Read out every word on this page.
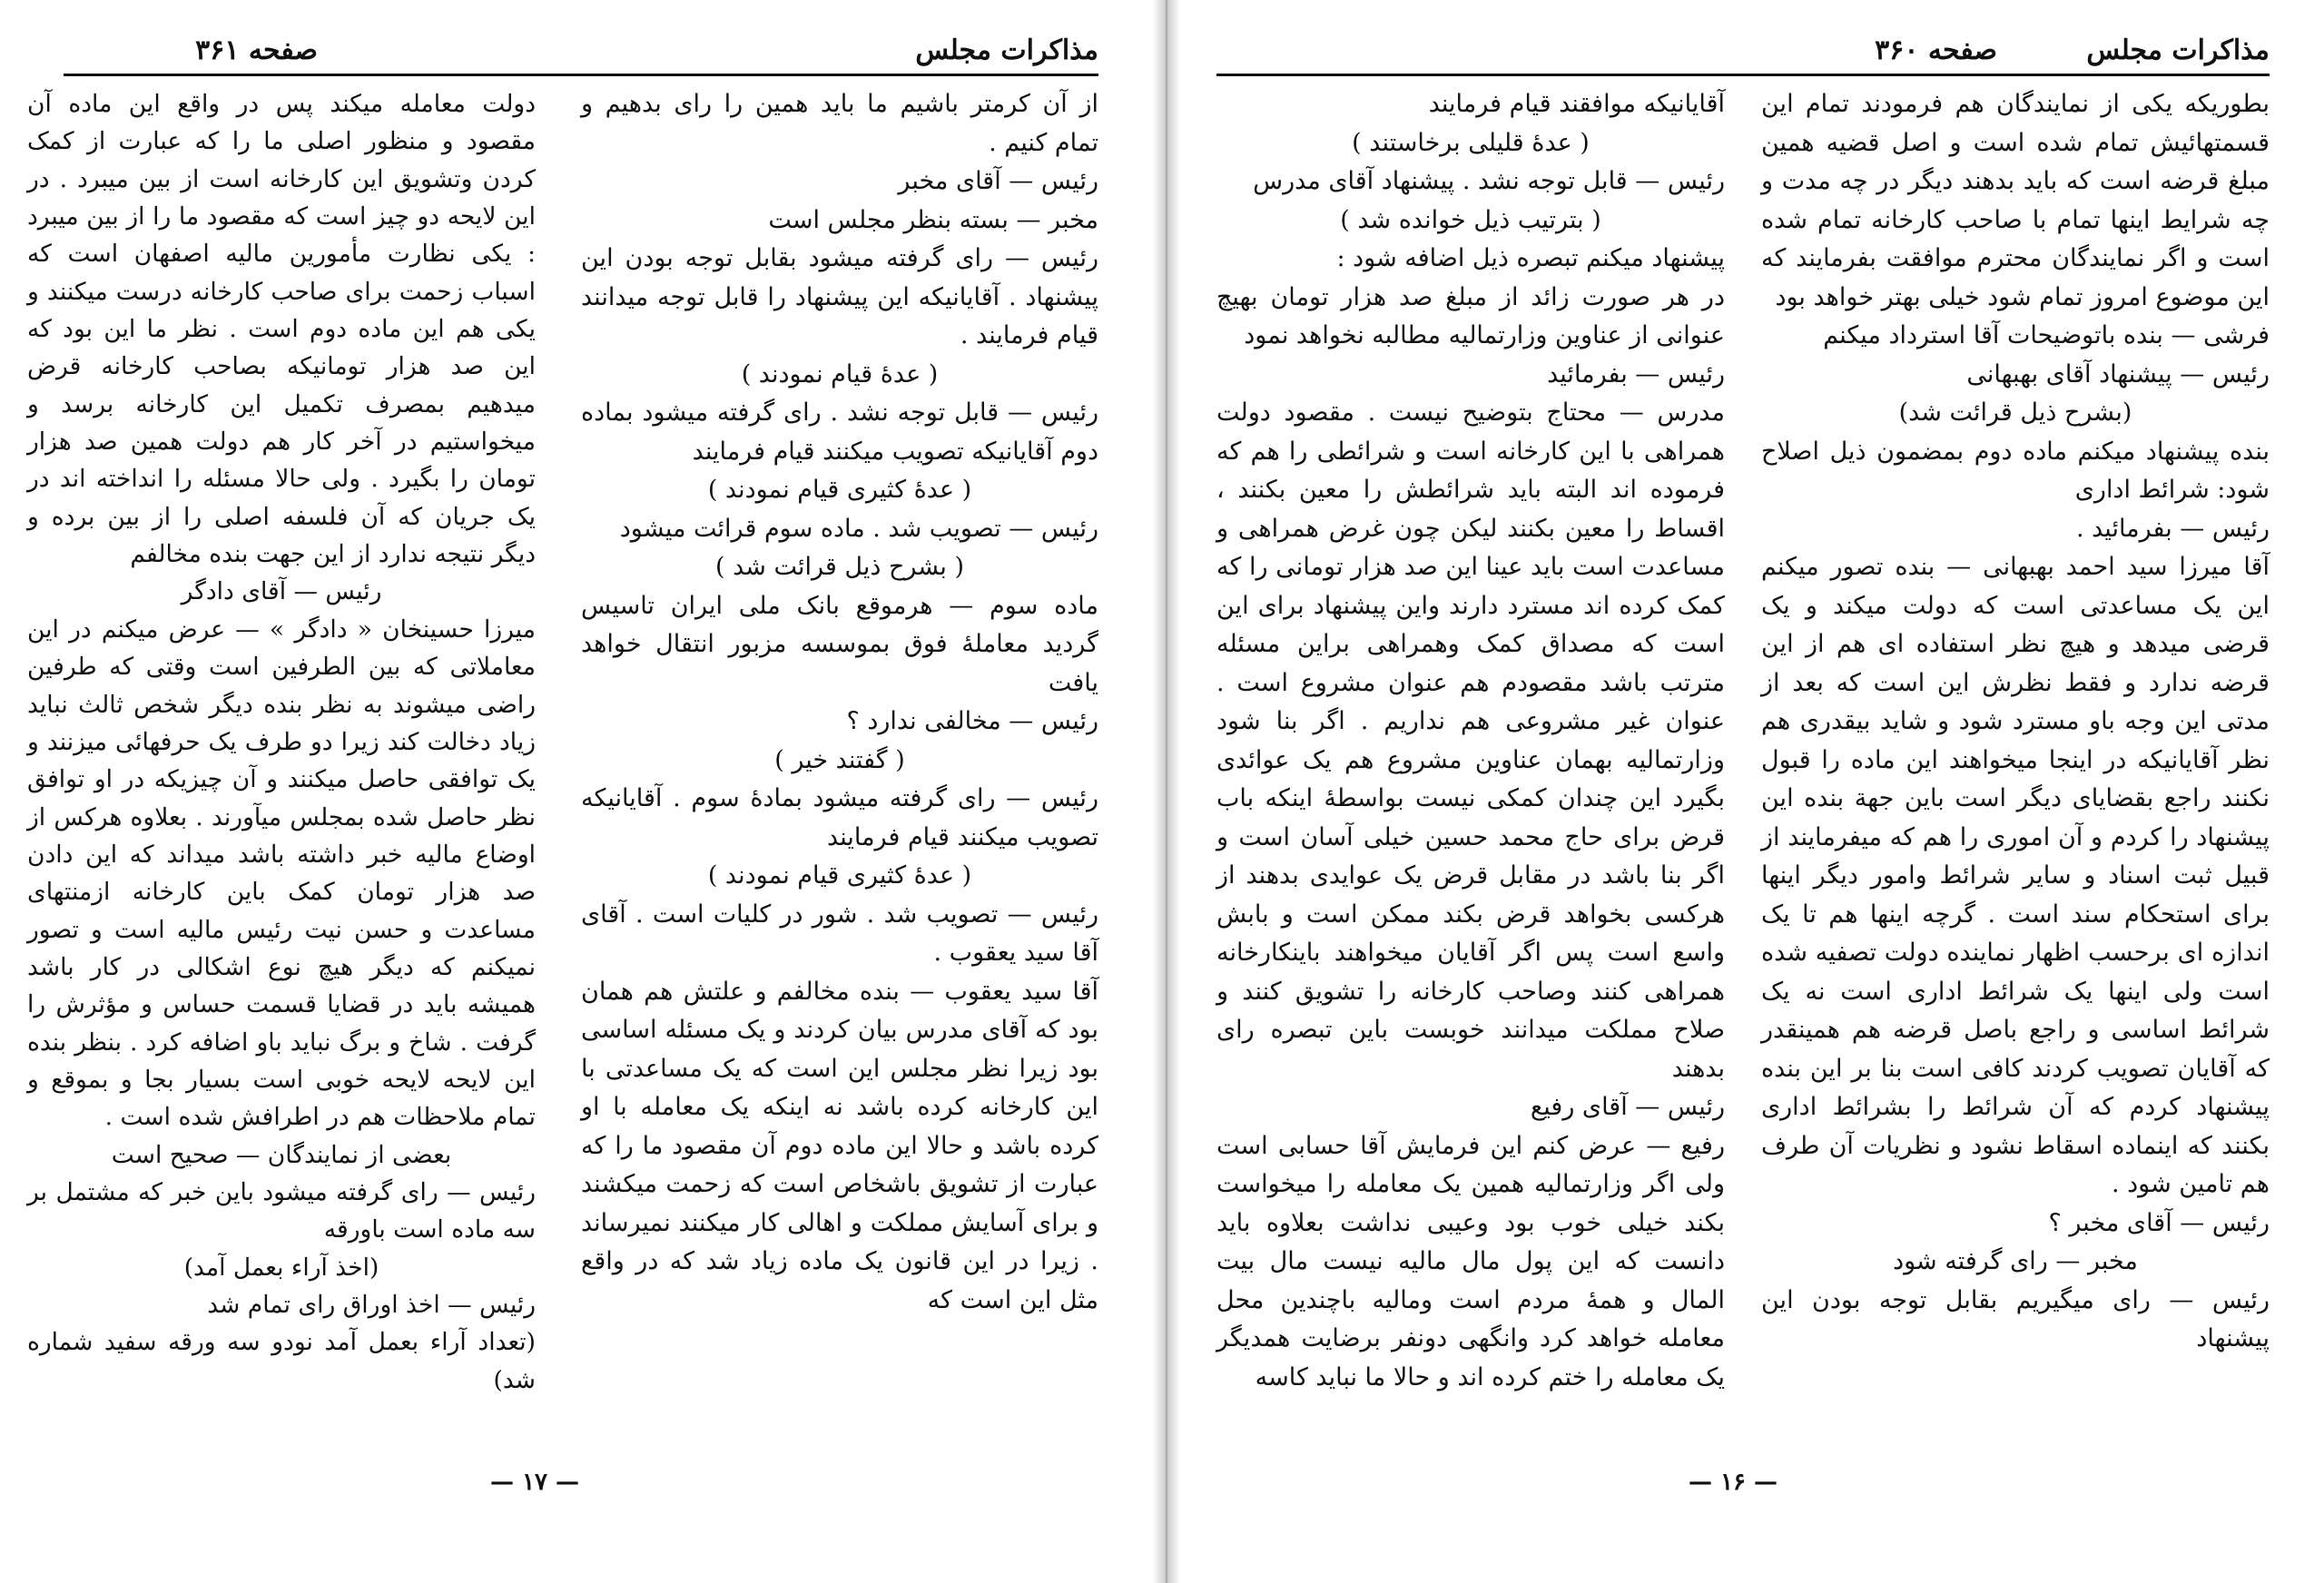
مذاکرات مجلس
صفحه ۳۶۱

از آن کرمتر باشیم ما باید همین را رای بدهیم و تمام کنیم .

رئیس — آقای مخبر

مخبر — بسته بنظر مجلس است

رئیس — رای گرفته میشود بقابل توجه بودن این پیشنهاد . آقایانیکه این پیشنهاد را قابل توجه میدانند قیام فرمایند .

( عدهٔ قیام نمودند )

رئیس — قابل توجه نشد . رای گرفته میشود بماده دوم آقایانیکه تصویب میکنند قیام فرمایند

( عدهٔ کثیری قیام نمودند )

رئیس — تصویب شد . ماده سوم قرائت میشود

( بشرح ذیل قرائت شد )

ماده سوم — هرموقع بانک ملی ایران تاسیس گردید معاملهٔ فوق بموسسه مزبور انتقال خواهد یافت

رئیس — مخالفی ندارد ؟

( گفتند خیر )

رئیس — رای گرفته میشود بمادهٔ سوم . آقایانیکه تصویب میکنند قیام فرمایند

( عدهٔ کثیری قیام نمودند )

رئیس — تصویب شد . شور در کلیات است . آقای آقا سید یعقوب .

آقا سید یعقوب — بنده مخالفم و علتش هم همان بود که آقای مدرس بیان کردند و یک مسئله اساسی بود زیرا نظر مجلس این است که یک مساعدتی با این کارخانه کرده باشد نه اینکه یک معامله با او کرده باشد و حالا این ماده دوم آن مقصود ما را که عبارت از تشویق باشخاص است که زحمت میکشند و برای آسایش مملکت و اهالی کار میکنند نمیرساند . زیرا در این قانون یک ماده زیاد شد که در واقع مثل این است که

دولت معامله میکند پس در واقع این ماده آن مقصود و منظور اصلی ما را که عبارت از کمک کردن وتشویق این کارخانه است از بین میبرد . در این لایحه دو چیز است که مقصود ما را از بین میبرد : یکی نظارت مأمورین مالیه اصفهان است که اسباب زحمت برای صاحب کارخانه درست میکنند و یکی هم این ماده دوم است . نظر ما این بود که این صد هزار تومانیکه بصاحب کارخانه قرض میدهیم بمصرف تکمیل این کارخانه برسد و میخواستیم در آخر کار هم دولت همین صد هزار تومان را بگیرد . ولی حالا مسئله را انداخته اند در یک جریان که آن فلسفه اصلی را از بین برده و دیگر نتیجه ندارد از این جهت بنده مخالفم

رئیس — آقای دادگر

میرزا حسینخان « دادگر » — عرض میکنم در این معاملاتی که بین الطرفین است وقتی که طرفین راضی میشوند به نظر بنده دیگر شخص ثالث نباید زیاد دخالت کند زیرا دو طرف یک حرفهائی میزنند و یک توافقی حاصل میکنند و آن چیزیکه در او توافق نظر حاصل شده بمجلس میآورند . بعلاوه هرکس از اوضاع مالیه خبر داشته باشد میداند که این دادن صد هزار تومان کمک باین کارخانه ازمنتهای مساعدت و حسن نیت رئیس مالیه است و تصور نمیکنم که دیگر هیچ نوع اشکالی در کار باشد همیشه باید در قضایا قسمت حساس و مؤثرش را گرفت . شاخ و برگ نباید باو اضافه کرد . بنظر بنده این لایحه لایحه خوبی است بسیار بجا و بموقع و تمام ملاحظات هم در اطرافش شده است .

بعضی از نمایندگان — صحیح است

رئیس — رای گرفته میشود باین خبر که مشتمل بر سه ماده است باورقه

(اخذ آراء بعمل آمد)

رئیس — اخذ اوراق رای تمام شد

(تعداد آراء بعمل آمد نودو سه ورقه سفید شماره شد)

— ۱۷ —
مذاکرات مجلس
صفحه ۳۶۰

بطوریکه یکی از نمایندگان هم فرمودند تمام این قسمتهائیش تمام شده است و اصل قضیه همین مبلغ قرضه است که باید بدهند دیگر در چه مدت و چه شرایط اینها تمام با صاحب کارخانه تمام شده است و اگر نمایندگان محترم موافقت بفرمایند که این موضوع امروز تمام شود خیلی بهتر خواهد بود

فرشی — بنده باتوضیحات آقا استرداد میکنم

رئیس — پیشنهاد آقای بهبهانی

(بشرح ذیل قرائت شد)

بنده پیشنهاد میکنم ماده دوم بمضمون ذیل اصلاح شود: شرائط اداری

رئیس — بفرمائید .

آقا میرزا سید احمد بهبهانی — بنده تصور میکنم این یک مساعدتی است که دولت میکند و یک قرضی میدهد و هیچ نظر استفاده ای هم از این قرضه ندارد و فقط نظرش این است که بعد از مدتی این وجه باو مسترد شود و شاید بیقدری هم نظر آقایانیکه در اینجا میخواهند این ماده را قبول نکنند راجع بقضایای دیگر است باین جهة بنده این پیشنهاد را کردم و آن اموری را هم که میفرمایند از قبیل ثبت اسناد و سایر شرائط وامور دیگر اینها برای استحکام سند است . گرچه اینها هم تا یک اندازه ای برحسب اظهار نماینده دولت تصفیه شده است ولی اینها یک شرائط اداری است نه یک شرائط اساسی و راجع باصل قرضه هم همینقدر که آقایان تصویب کردند کافی است بنا بر این بنده پیشنهاد کردم که آن شرائط را بشرائط اداری بکنند که اینماده اسقاط نشود و نظریات آن طرف هم تامین شود .

رئیس — آقای مخبر ؟

مخبر — رای گرفته شود

رئیس — رای میگیریم بقابل توجه بودن این پیشنهاد

آقایانیکه موافقند قیام فرمایند

( عدهٔ قلیلی برخاستند )

رئیس — قابل توجه نشد . پیشنهاد آقای مدرس

( بترتیب ذیل خوانده شد )

پیشنهاد میکنم تبصره ذیل اضافه شود :

در هر صورت زائد از مبلغ صد هزار تومان بهیچ عنوانی از عناوین وزارتمالیه مطالبه نخواهد نمود

رئیس — بفرمائید

مدرس — محتاج بتوضیح نیست . مقصود دولت همراهی با این کارخانه است و شرائطی را هم که فرموده اند البته باید شرائطش را معین بکنند ، اقساط را معین بکنند لیکن چون غرض همراهی و مساعدت است باید عینا این صد هزار تومانی را که کمک کرده اند مسترد دارند واین پیشنهاد برای این است که مصداق کمک وهمراهی براین مسئله مترتب باشد مقصودم هم عنوان مشروع است . عنوان غیر مشروعی هم نداریم . اگر بنا شود وزارتمالیه بهمان عناوین مشروع هم یک عوائدی بگیرد این چندان کمکی نیست بواسطهٔ اینکه باب قرض برای حاج محمد حسین خیلی آسان است و اگر بنا باشد در مقابل قرض یک عوایدی بدهند از هرکسی بخواهد قرض بکند ممکن است و بابش واسع است پس اگر آقایان میخواهند باینکارخانه همراهی کنند وصاحب کارخانه را تشویق کنند و صلاح مملکت میدانند خوبست باین تبصره رای بدهند

رئیس — آقای رفیع

رفیع — عرض کنم این فرمایش آقا حسابی است ولی اگر وزارتمالیه همین یک معامله را میخواست بکند خیلی خوب بود وعیبی نداشت بعلاوه باید دانست که این پول مال مالیه نیست مال بیت المال و همهٔ مردم است ومالیه باچندین محل معامله خواهد کرد وانگهی دونفر برضایت همدیگر یک معامله را ختم کرده اند و حالا ما نباید کاسه

— ۱۶ —
